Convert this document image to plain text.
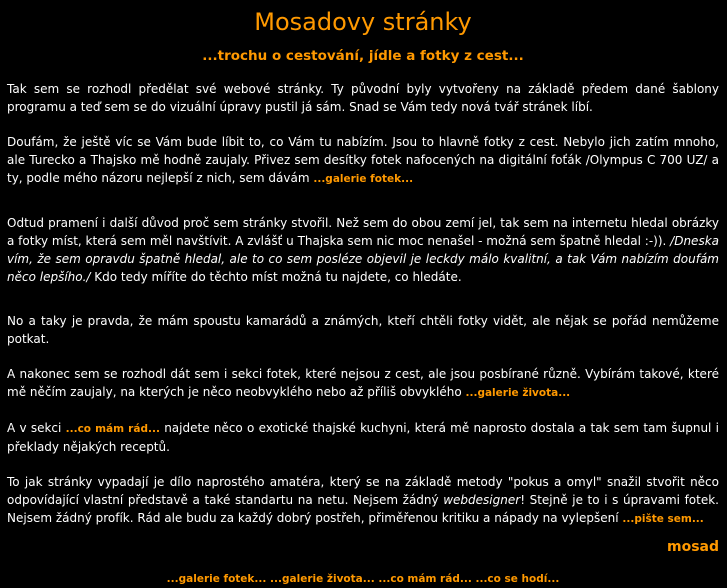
Mosadovy stránky
...trochu o cestování, jídle a fotky z cest...

Tak sem se rozhodl předělat své webové stránky. Ty původní byly vytvořeny na základě předem dané šablony programu a teď sem se do vizuální úpravy pustil já sám. Snad se Vám tedy nová tvář stránek líbí.

Doufám, že ještě víc se Vám bude líbit to, co Vám tu nabízím. Jsou to hlavně fotky z cest. Nebylo jich zatím mnoho, ale Turecko a Thajsko mě hodně zaujaly. Přivez sem desítky fotek nafocených na digitální foťák /Olympus C 700 UZ/ a ty, podle mého názoru nejlepší z nich, sem dávám ...galerie fotek...

Odtud pramení i další důvod proč sem stránky stvořil. Než sem do obou zemí jel, tak sem na internetu hledal obrázky a fotky míst, která sem měl navštívit. A zvlášť u Thajska sem nic moc nenašel - možná sem špatně hledal :-)). /Dneska vím, že sem opravdu špatně hledal, ale to co sem posléze objevil je leckdy málo kvalitní, a tak Vám nabízím doufám něco lepšího./ Kdo tedy míříte do těchto míst možná tu najdete, co hledáte.

No a taky je pravda, že mám spoustu kamarádů a známých, kteří chtěli fotky vidět, ale nějak se pořád nemůžeme potkat.

A nakonec sem se rozhodl dát sem i sekci fotek, které nejsou z cest, ale jsou posbírané různě. Vybírám takové, které mě něčím zaujaly, na kterých je něco neobvyklého nebo až příliš obvyklého ...galerie života...

A v sekci ...co mám rád... najdete něco o exotické thajské kuchyni, která mě naprosto dostala a tak sem tam šupnul i překlady nějakých receptů.

To jak stránky vypadají je dílo naprostého amatéra, který se na základě metody "pokus a omyl" snažil stvořit něco odpovídající vlastní představě a také standartu na netu. Nejsem žádný webdesigner! Stejně je to i s úpravami fotek. Nejsem žádný profík. Rád ale budu za každý dobrý postřeh, přiměřenou kritiku a nápady na vylepšení ...pište sem...

mosad
...galerie fotek... ...galerie života... ...co mám rád... ...co se hodí...
